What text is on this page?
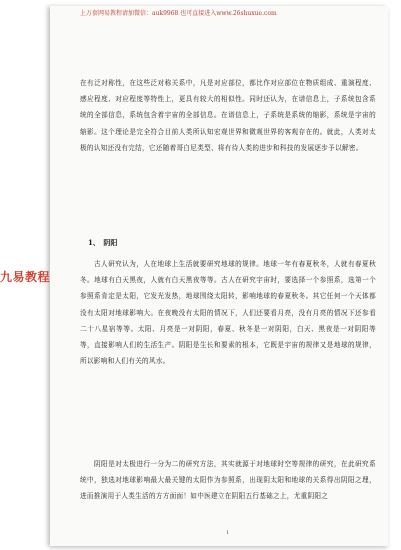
上万套网易教程请加微信：auk9968 也可直接进入www.26shuxue.com
九易教程
在有泛对称性，在这些泛对称关系中，凡是对应部位，都比作对应部位在物质组成、重演程度、感应程度、对应程度等特性上，更具有较大的相似性。同时还认为，在谱信息上，子系统包含系统的全部信息，系统包含着宇宙的全部信息。在谱信息上，子系统是系统的缩影，系统是宇宙的缩影。这个理论是完全符合目前人类所认知宏观世界和微观世界的客观存在的。就此，人类对太极的认知还没有完结，它还随着哥白尼类型、将有待人类的进步和科技的发展逐步予以解密。
1、　阴阳
古人研究认为，人在地球上生活就要研究地球的规律。地球一年有春夏秋冬，人就有春夏秋冬。地球有白天黑夜，人就有白天黑夜等等。古人在研究宇宙时，要选择一个参照系，选第一个参照系肯定是太阳，它发光发热，地球围绕太阳转，影响地球的春夏秋冬。其它任何一个天体都没有太阳对地球影响大。在夜晚没有太阳的情况下，人们还要看月亮，没有月亮的情况下还参看二十八星宿等等。太阳、月亮是一对阴阳，春夏、秋冬是一对阴阳，白天、黑夜是一对阴阳等等，直接影响人们的生活生产。阴阳是生长和要素的根本，它既是宇宙的规律又是地球的规律，所以影响和人们有关的风水。
阴阳是对太极进行一分为二的研究方法，其实就源于对地球时空等规律的研究，在此研究系统中，独选对地球影响最大最关键的太阳作为参照系，出现阴太阳和地球的关系得出阴阳之理，进而推演用于人类生活的方方面面！如中医建立在阴阳五行基础之上，尤重阴阳之
1
